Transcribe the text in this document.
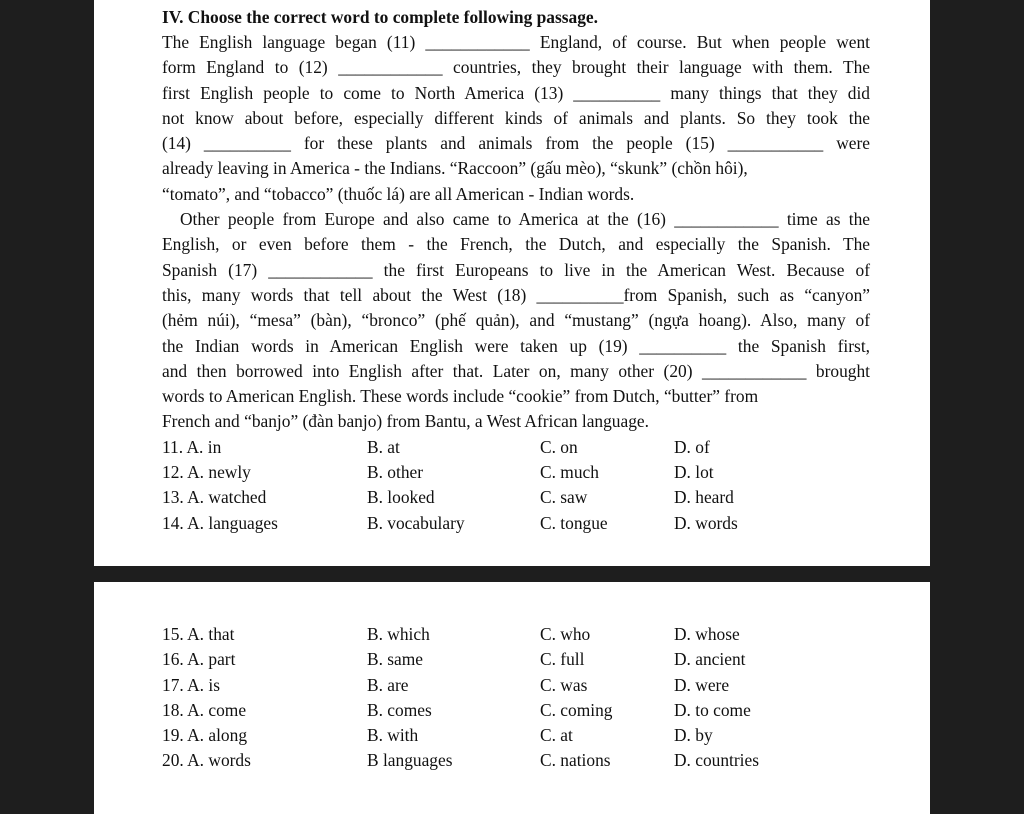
IV. Choose the correct word to complete following passage.
The English language began (11) ____________ England, of course. But when people went
form England to (12) ____________ countries, they brought their language with them. The
first English people to come to North America (13) __________ many things that they did
not know about before, especially different kinds of animals and plants. So they took the
(14) __________ for these plants and animals from the people (15) ___________ were
already leaving in America - the Indians. “Raccoon” (gấu mèo), “skunk” (chồn hôi),
“tomato”, and “tobacco” (thuốc lá) are all American - Indian words.
Other people from Europe and also came to America at the (16) ____________ time as the
English, or even before them - the French, the Dutch, and especially the Spanish. The
Spanish (17) ____________ the first Europeans to live in the American West. Because of
this, many words that tell about the West (18) __________from Spanish, such as “canyon”
(hẻm núi), “mesa” (bàn), “bronco” (phế quản), and “mustang” (ngựa hoang). Also, many of
the Indian words in American English were taken up (19) __________ the Spanish first,
and then borrowed into English after that. Later on, many other (20) ____________ brought
words to American English. These words include “cookie” from Dutch, “butter” from
French and “banjo” (đàn banjo) from Bantu, a West African language.
11. A. in	B. at	C. on	D. of
12. A. newly	B. other	C. much	D. lot
13. A. watched	B. looked	C. saw	D. heard
14. A. languages	B. vocabulary	C. tongue	D. words
15. A. that	B. which	C. who	D. whose
16. A. part	B. same	C. full	D. ancient
17. A. is	B. are	C. was	D. were
18. A. come	B. comes	C. coming	D. to come
19. A. along	B. with	C. at	D. by
20. A. words	B languages	C. nations	D. countries
